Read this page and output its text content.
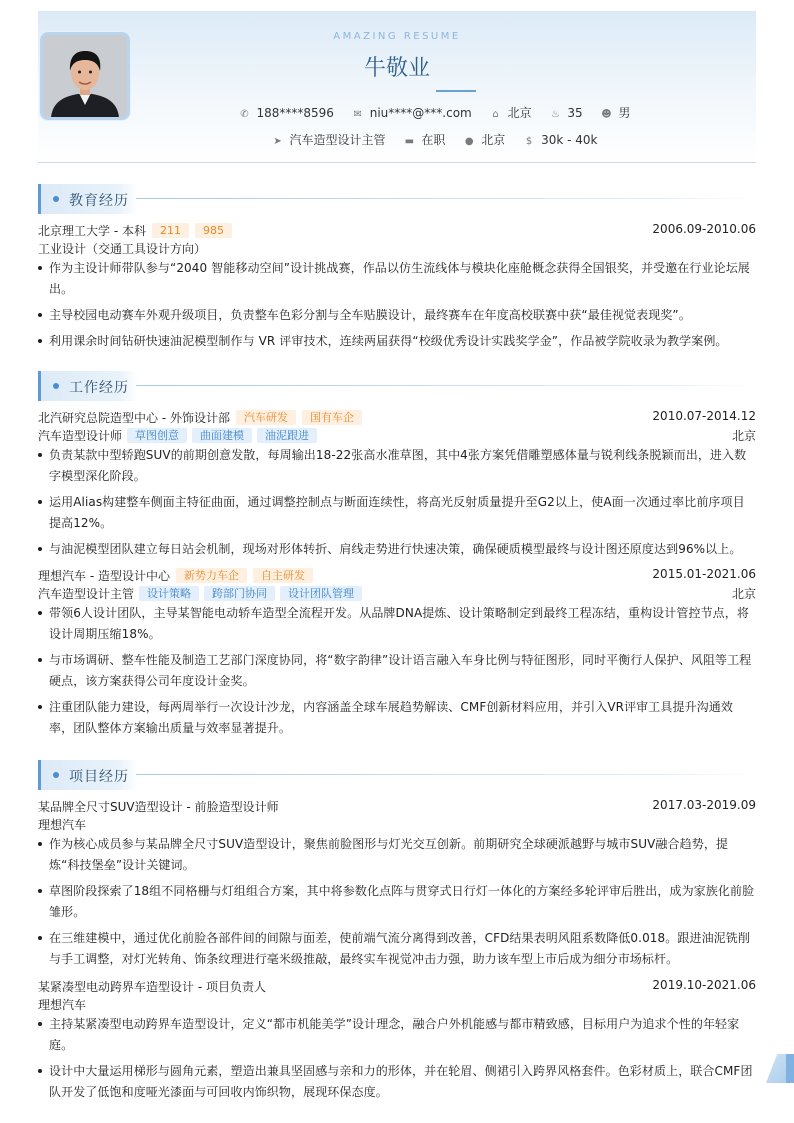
AMAZING RESUME
牛敬业
✆ 188****8596 ✉ niu****@***.com ⌂ 北京 ♨ 35 ☻ 男
➤ 汽车造型设计主管 ▬ 在职 ● 北京 $ 30k - 40k
教育经历
北京理工大学 - 本科 211 985	2006.09-2010.06
工业设计（交通工具设计方向）
作为主设计师带队参与“2040 智能移动空间”设计挑战赛，作品以仿生流线体与模块化座舱概念获得全国银奖，并受邀在行业论坛展出。
主导校园电动赛车外观升级项目，负责整车色彩分割与全车贴膜设计，最终赛车在年度高校联赛中获“最佳视觉表现奖”。
利用课余时间钻研快速油泥模型制作与 VR 评审技术，连续两届获得“校级优秀设计实践奖学金”，作品被学院收录为教学案例。
工作经历
北汽研究总院造型中心 - 外饰设计部 汽车研发 国有车企	2010.07-2014.12
汽车造型设计师 草图创意 曲面建模 油泥跟进	北京
负责某款中型轿跑SUV的前期创意发散，每周输出18-22张高水准草图，其中4张方案凭借雕塑感体量与锐利线条脱颖而出，进入数字模型深化阶段。
运用Alias构建整车侧面主特征曲面，通过调整控制点与断面连续性，将高光反射质量提升至G2以上，使A面一次通过率比前序项目提高12%。
与油泥模型团队建立每日站会机制，现场对形体转折、肩线走势进行快速决策，确保硬质模型最终与设计图还原度达到96%以上。
理想汽车 - 造型设计中心 新势力车企 自主研发	2015.01-2021.06
汽车造型设计主管 设计策略 跨部门协同 设计团队管理	北京
带领6人设计团队，主导某智能电动轿车造型全流程开发。从品牌DNA提炼、设计策略制定到最终工程冻结，重构设计管控节点，将设计周期压缩18%。
与市场调研、整车性能及制造工艺部门深度协同，将“数字韵律”设计语言融入车身比例与特征图形，同时平衡行人保护、风阻等工程硬点，该方案获得公司年度设计金奖。
注重团队能力建设，每两周举行一次设计沙龙，内容涵盖全球车展趋势解读、CMF创新材料应用，并引入VR评审工具提升沟通效率，团队整体方案输出质量与效率显著提升。
项目经历
某品牌全尺寸SUV造型设计 - 前脸造型设计师	2017.03-2019.09
理想汽车
作为核心成员参与某品牌全尺寸SUV造型设计，聚焦前脸图形与灯光交互创新。前期研究全球硬派越野与城市SUV融合趋势，提炼“科技堡垒”设计关键词。
草图阶段探索了18组不同格栅与灯组组合方案，其中将参数化点阵与贯穿式日行灯一体化的方案经多轮评审后胜出，成为家族化前脸雏形。
在三维建模中，通过优化前脸各部件间的间隙与面差，使前端气流分离得到改善，CFD结果表明风阻系数降低0.018。跟进油泥铣削与手工调整，对灯光转角、饰条纹理进行毫米级推敲，最终实车视觉冲击力强，助力该车型上市后成为细分市场标杆。
某紧凑型电动跨界车造型设计 - 项目负责人	2019.10-2021.06
理想汽车
主持某紧凑型电动跨界车造型设计，定义“都市机能美学”设计理念，融合户外机能感与都市精致感，目标用户为追求个性的年轻家庭。
设计中大量运用梯形与圆角元素，塑造出兼具坚固感与亲和力的形体，并在轮眉、侧裙引入跨界风格套件。色彩材质上，联合CMF团队开发了低饱和度哑光漆面与可回收内饰织物，展现环保态度。
